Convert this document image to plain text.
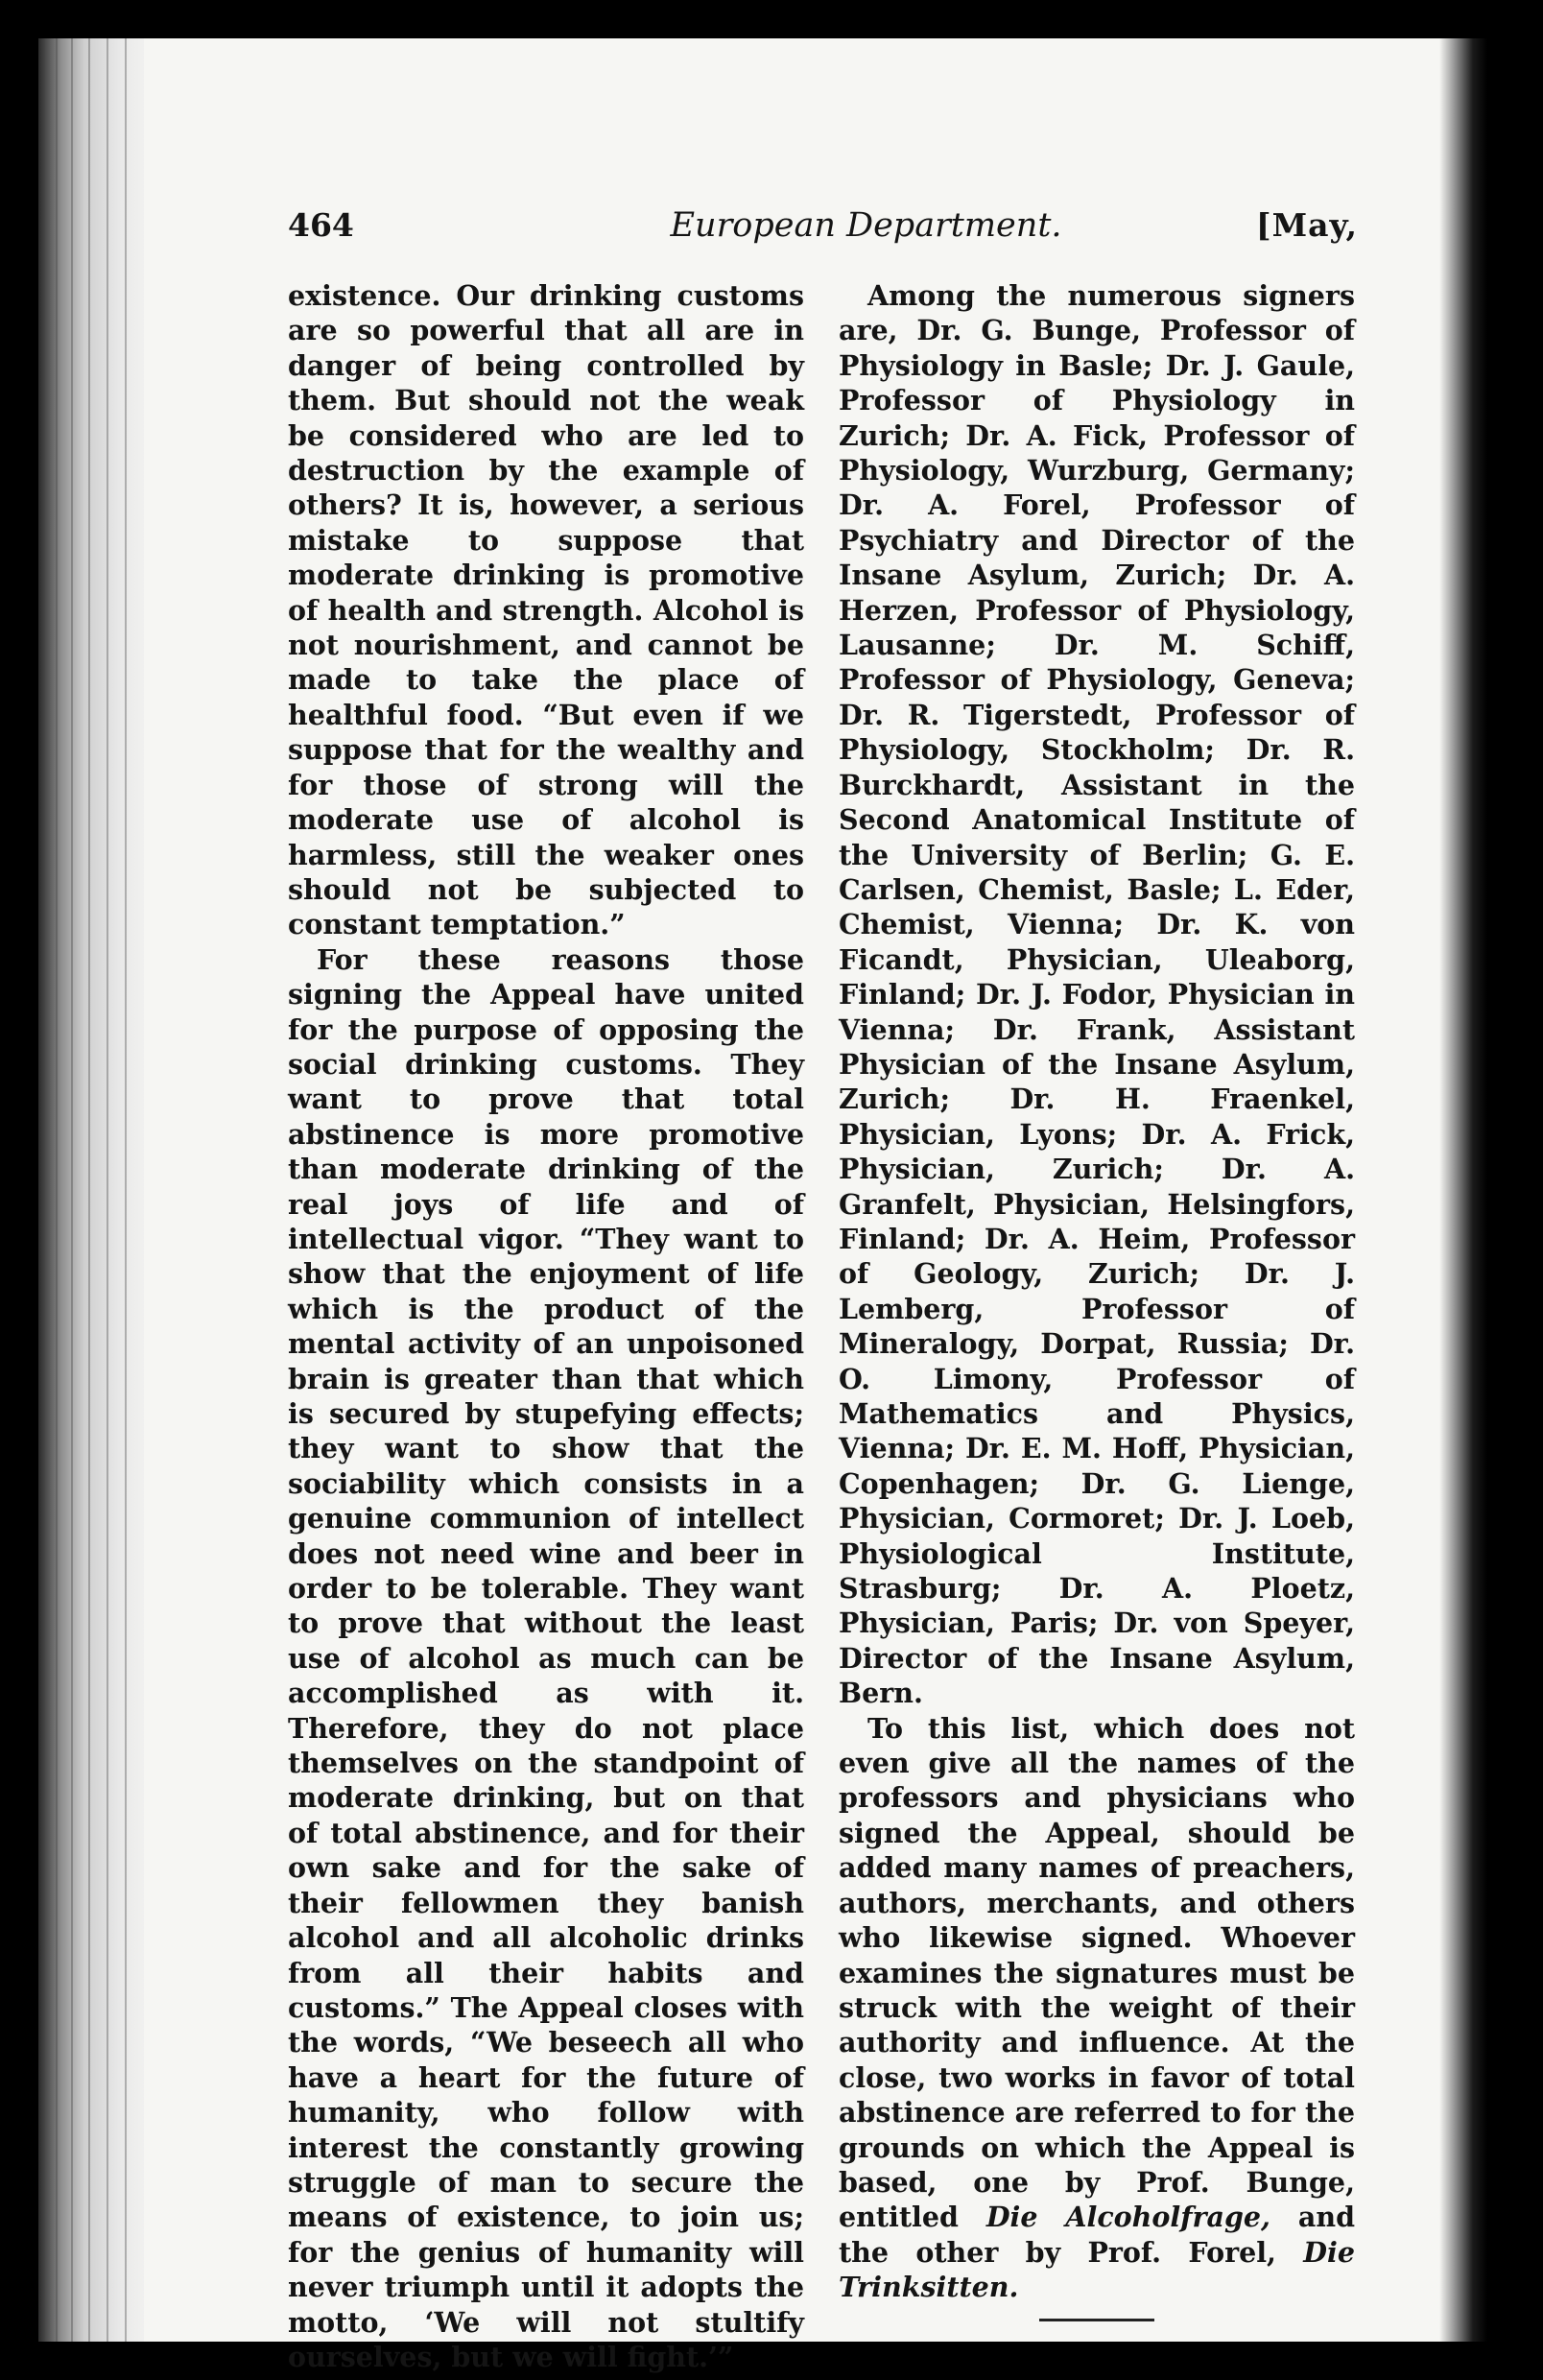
464	European Department.	[May,

existence. Our drinking customs are so powerful that all are in danger of being controlled by them. But should not the weak be considered who are led to destruction by the example of others? It is, however, a serious mistake to suppose that moderate drinking is promotive of health and strength. Alcohol is not nourishment, and cannot be made to take the place of healthful food. “But even if we suppose that for the wealthy and for those of strong will the moderate use of alcohol is harmless, still the weaker ones should not be subjected to constant temptation.”

For these reasons those signing the Appeal have united for the purpose of opposing the social drinking customs. They want to prove that total abstinence is more promotive than moderate drinking of the real joys of life and of intellectual vigor. “They want to show that the enjoyment of life which is the product of the mental activity of an unpoisoned brain is greater than that which is secured by stupefying effects; they want to show that the sociability which consists in a genuine communion of intellect does not need wine and beer in order to be tolerable. They want to prove that without the least use of alcohol as much can be accomplished as with it. Therefore, they do not place themselves on the standpoint of moderate drinking, but on that of total abstinence, and for their own sake and for the sake of their fellowmen they banish alcohol and all alcoholic drinks from all their habits and customs.” The Appeal closes with the words, “We beseech all who have a heart for the future of humanity, who follow with interest the constantly growing struggle of man to secure the means of existence, to join us; for the genius of humanity will never triumph until it adopts the motto, ‘We will not stultify ourselves, but we will fight.’”

Among the numerous signers are, Dr. G. Bunge, Professor of Physiology in Basle; Dr. J. Gaule, Professor of Physiology in Zurich; Dr. A. Fick, Professor of Physiology, Wurzburg, Germany; Dr. A. Forel, Professor of Psychiatry and Director of the Insane Asylum, Zurich; Dr. A. Herzen, Professor of Physiology, Lausanne; Dr. M. Schiff, Professor of Physiology, Geneva; Dr. R. Tigerstedt, Professor of Physiology, Stockholm; Dr. R. Burckhardt, Assistant in the Second Anatomical Institute of the University of Berlin; G. E. Carlsen, Chemist, Basle; L. Eder, Chemist, Vienna; Dr. K. von Ficandt, Physician, Uleaborg, Finland; Dr. J. Fodor, Physician in Vienna; Dr. Frank, Assistant Physician of the Insane Asylum, Zurich; Dr. H. Fraenkel, Physician, Lyons; Dr. A. Frick, Physician, Zurich; Dr. A. Granfelt, Physician, Helsingfors, Finland; Dr. A. Heim, Professor of Geology, Zurich; Dr. J. Lemberg, Professor of Mineralogy, Dorpat, Russia; Dr. O. Limony, Professor of Mathematics and Physics, Vienna; Dr. E. M. Hoff, Physician, Copenhagen; Dr. G. Lienge, Physician, Cormoret; Dr. J. Loeb, Physiological Institute, Strasburg; Dr. A. Ploetz, Physician, Paris; Dr. von Speyer, Director of the Insane Asylum, Bern.

To this list, which does not even give all the names of the professors and physicians who signed the Appeal, should be added many names of preachers, authors, merchants, and others who likewise signed. Whoever examines the signatures must be struck with the weight of their authority and influence. At the close, two works in favor of total abstinence are referred to for the grounds on which the Appeal is based, one by Prof. Bunge, entitled Die Alcoholfrage, and the other by Prof. Forel, Die Trinksitten.
